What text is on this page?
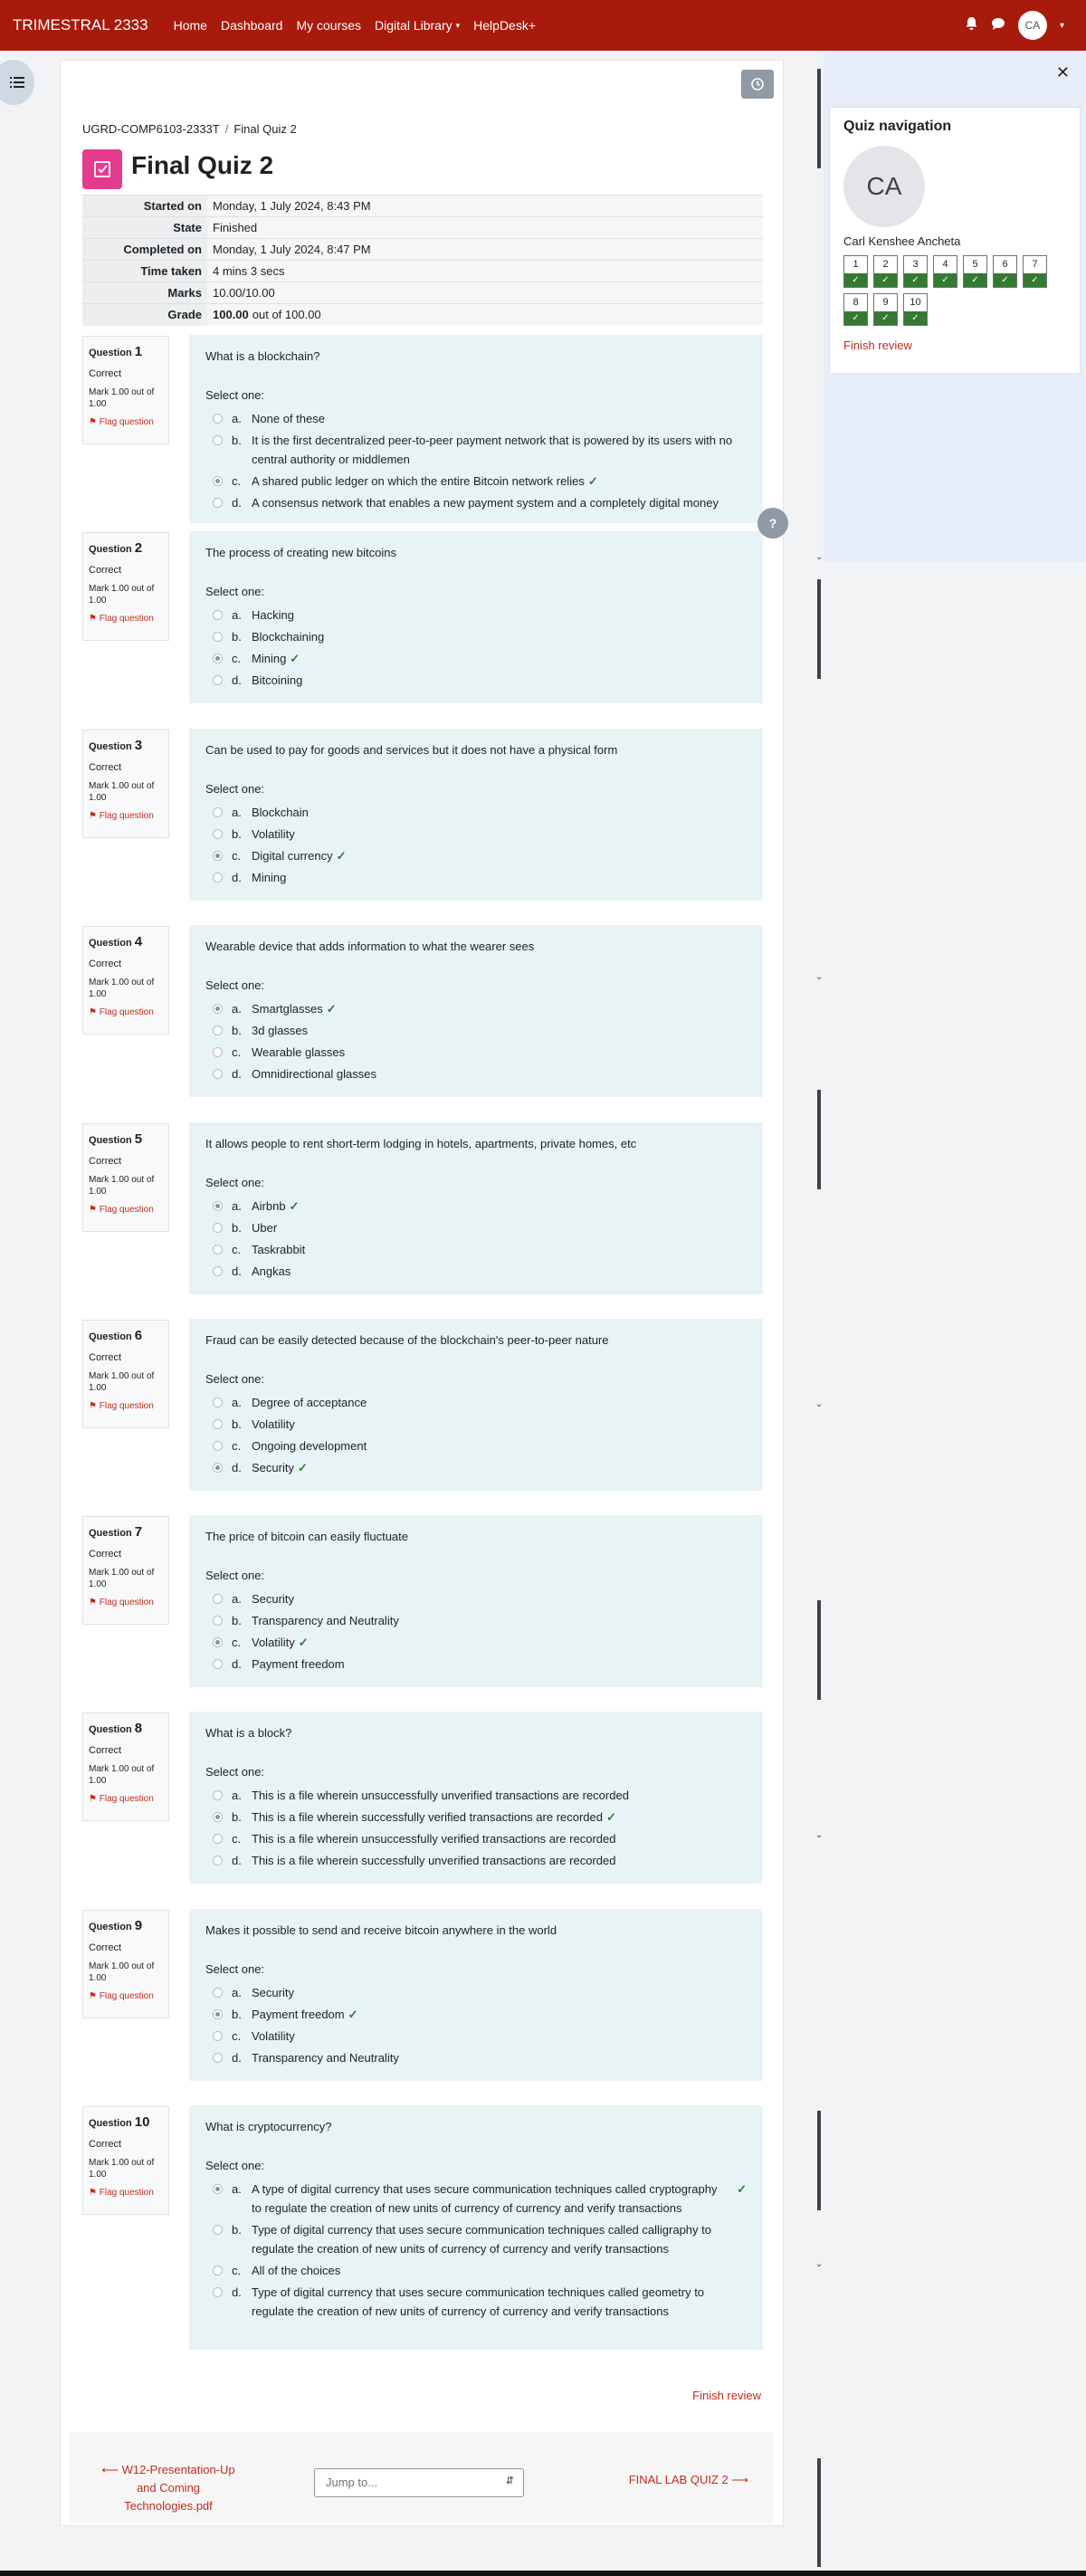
TRIMESTRAL 2333 Home Dashboard My courses Digital Library ▾ HelpDesk+	CA	▾
UGRD-COMP6103-2333T / Final Quiz 2
Final Quiz 2
Started on	Monday, 1 July 2024, 8:43 PM
State	Finished
Completed on	Monday, 1 July 2024, 8:47 PM
Time taken	4 mins 3 secs
Marks	10.00/10.00
Grade	100.00 out of 100.00
Question 1
Correct
Mark 1.00 out of 1.00
⚑ Flag question
What is a blockchain?
Select one:
a. None of these
b. It is the first decentralized peer-to-peer payment network that is powered by its users with no central authority or middlemen
c. A shared public ledger on which the entire Bitcoin network relies ✓
d. A consensus network that enables a new payment system and a completely digital money
Question 2
Correct
Mark 1.00 out of 1.00
⚑ Flag question
The process of creating new bitcoins
Select one:
a. Hacking
b. Blockchaining
c. Mining ✓
d. Bitcoining
Question 3
Correct
Mark 1.00 out of 1.00
⚑ Flag question
Can be used to pay for goods and services but it does not have a physical form
Select one:
a. Blockchain
b. Volatility
c. Digital currency ✓
d. Mining
Question 4
Correct
Mark 1.00 out of 1.00
⚑ Flag question
Wearable device that adds information to what the wearer sees
Select one:
a. Smartglasses ✓
b. 3d glasses
c. Wearable glasses
d. Omnidirectional glasses
Question 5
Correct
Mark 1.00 out of 1.00
⚑ Flag question
It allows people to rent short-term lodging in hotels, apartments, private homes, etc
Select one:
a. Airbnb ✓
b. Uber
c. Taskrabbit
d. Angkas
Question 6
Correct
Mark 1.00 out of 1.00
⚑ Flag question
Fraud can be easily detected because of the blockchain's peer-to-peer nature
Select one:
a. Degree of acceptance
b. Volatility
c. Ongoing development
d. Security ✓
Question 7
Correct
Mark 1.00 out of 1.00
⚑ Flag question
The price of bitcoin can easily fluctuate
Select one:
a. Security
b. Transparency and Neutrality
c. Volatility ✓
d. Payment freedom
Question 8
Correct
Mark 1.00 out of 1.00
⚑ Flag question
What is a block?
Select one:
a. This is a file wherein unsuccessfully unverified transactions are recorded
b. This is a file wherein successfully verified transactions are recorded ✓
c. This is a file wherein unsuccessfully verified transactions are recorded
d. This is a file wherein successfully unverified transactions are recorded
Question 9
Correct
Mark 1.00 out of 1.00
⚑ Flag question
Makes it possible to send and receive bitcoin anywhere in the world
Select one:
a. Security
b. Payment freedom ✓
c. Volatility
d. Transparency and Neutrality
Question 10
Correct
Mark 1.00 out of 1.00
⚑ Flag question
What is cryptocurrency?
Select one:
a. A type of digital currency that uses secure communication techniques called cryptography to regulate the creation of new units of currency of currency and verify transactions
✓
b. Type of digital currency that uses secure communication techniques called calligraphy to regulate the creation of new units of currency of currency and verify transactions
c. All of the choices
d. Type of digital currency that uses secure communication techniques called geometry to regulate the creation of new units of currency of currency and verify transactions
?
Finish review
⟵ W12-Presentation-Up and Coming Technologies.pdf
Jump to...	⇵	FINAL LAB QUIZ 2 ⟶
⌄
⌄
⌄
⌄
⌄
✕
Quiz navigation
CA
Carl Kenshee Ancheta
1
✓
2
✓
3
✓
4
✓
5
✓
6
✓
7
✓
8
✓
9
✓
10
✓
Finish review
